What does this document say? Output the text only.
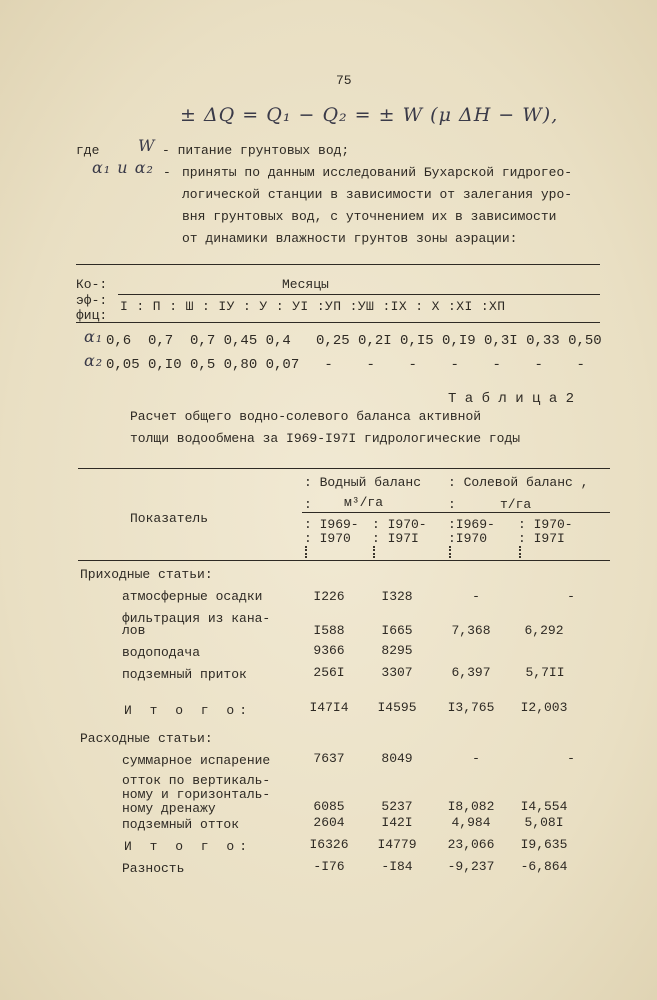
75
± ΔQ = Q₁ − Q₂ = ± W (μ ΔH − W),
где W - питание грунтовых вод;
α₁ и α₂ - приняты по данным исследований Бухарской гидрогео-
логической станции в зависимости от залегания уро-
вня грунтовых вод, с уточнением их в зависимости
от динамики влажности грунтов зоны аэрации:
Ко-:	Месяцы
эф-: I : П : Ш : ІУ : У : УІ :УП :УШ :ІХ : Х :ХІ :ХП
фиц:
α₁ 0,6  0,7  0,7 0,45 0,4   0,25 0,2I 0,I5 0,I9 0,3I 0,33 0,50
α₂ 0,05 0,I0 0,5 0,80 0,07   -    -    -    -    -    -    -
Т а б л и ц а 2
Расчет общего водно-солевого баланса активной
толщи водообмена за I969-I97I гидрологические годы
: Водный баланс : Солевой баланс ,
: м³/га	:	т/га
Показатель	: I969-
: I970
: I970-
: I97I
:I969-
:I970
: I970-
: I97I
Приходные статьи:
атмосферные осадки	I226	I328	-	-
фильтрация из кана-
лов	I588	I665	7,368	6,292
водоподача	9366	8295
подземный приток	256I	3307	6,397	5,7II
И т о г о:	I47I4	I4595	I3,765	I2,003
Расходные статьи:
суммарное испарение	7637	8049	-	-
отток по вертикаль-
ному и горизонталь-
ному дренажу	6085	5237	I8,082	I4,554
подземный отток	2604	I42I	4,984	5,08I
И т о г о:	I6326	I4779	23,066	I9,635
Разность	-I76	-I84	-9,237	-6,864
